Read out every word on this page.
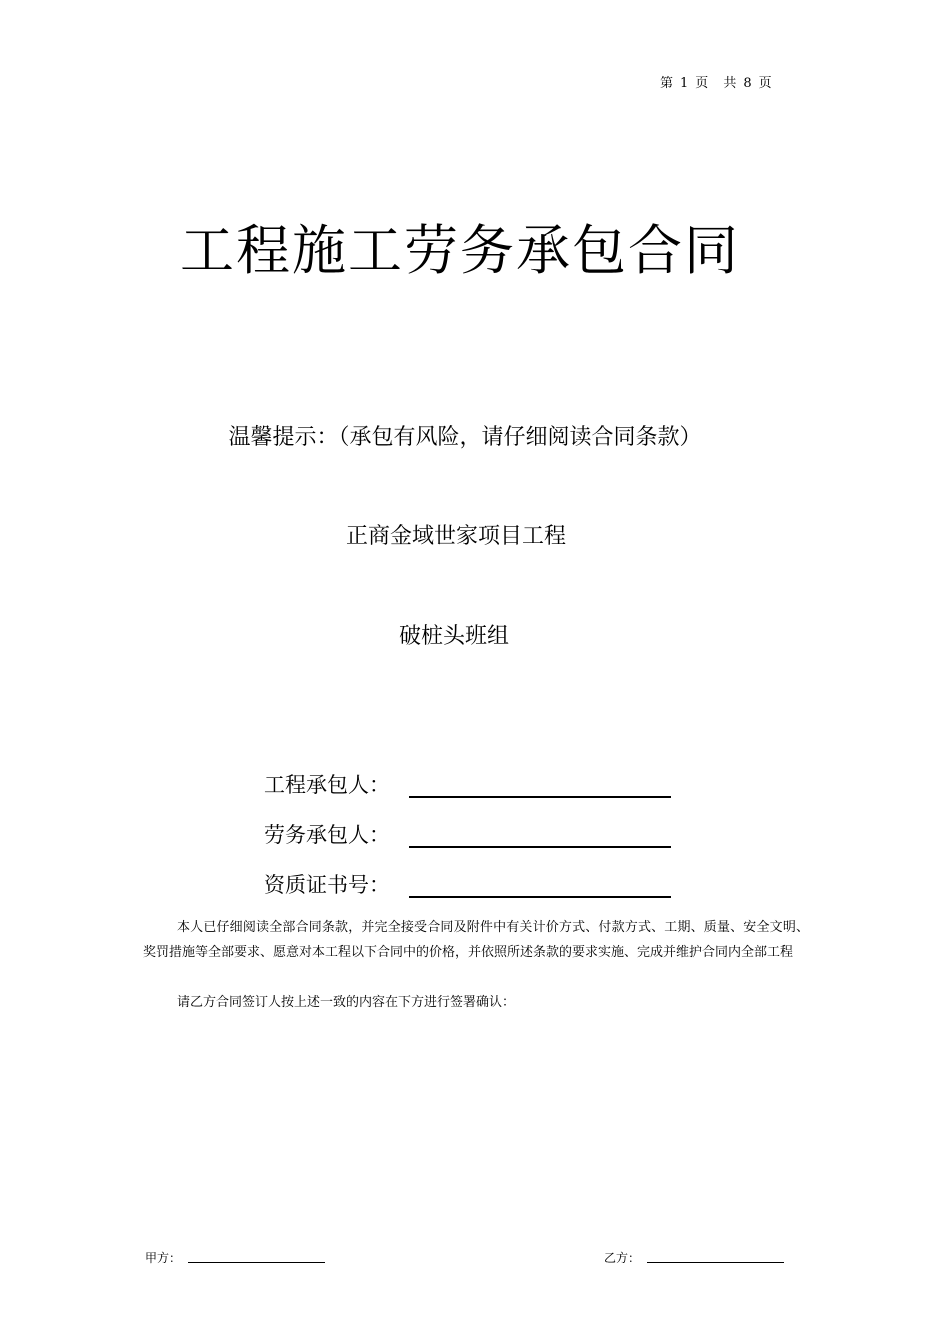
第 1 页 共 8 页
工程施工劳务承包合同
温馨提示：（承包有风险，请仔细阅读合同条款）
正商金域世家项目工程
破桩头班组
工程承包人：
劳务承包人：
资质证书号：

本人已仔细阅读全部合同条款，并完全接受合同及附件中有关计价方式、付款方式、工期、质量、安全文明、奖罚措施等全部要求、愿意对本工程以下合同中的价格，并依照所述条款的要求实施、完成并维护合同内全部工程

请乙方合同签订人按上述一致的内容在下方进行签署确认：

甲方：	乙方：
